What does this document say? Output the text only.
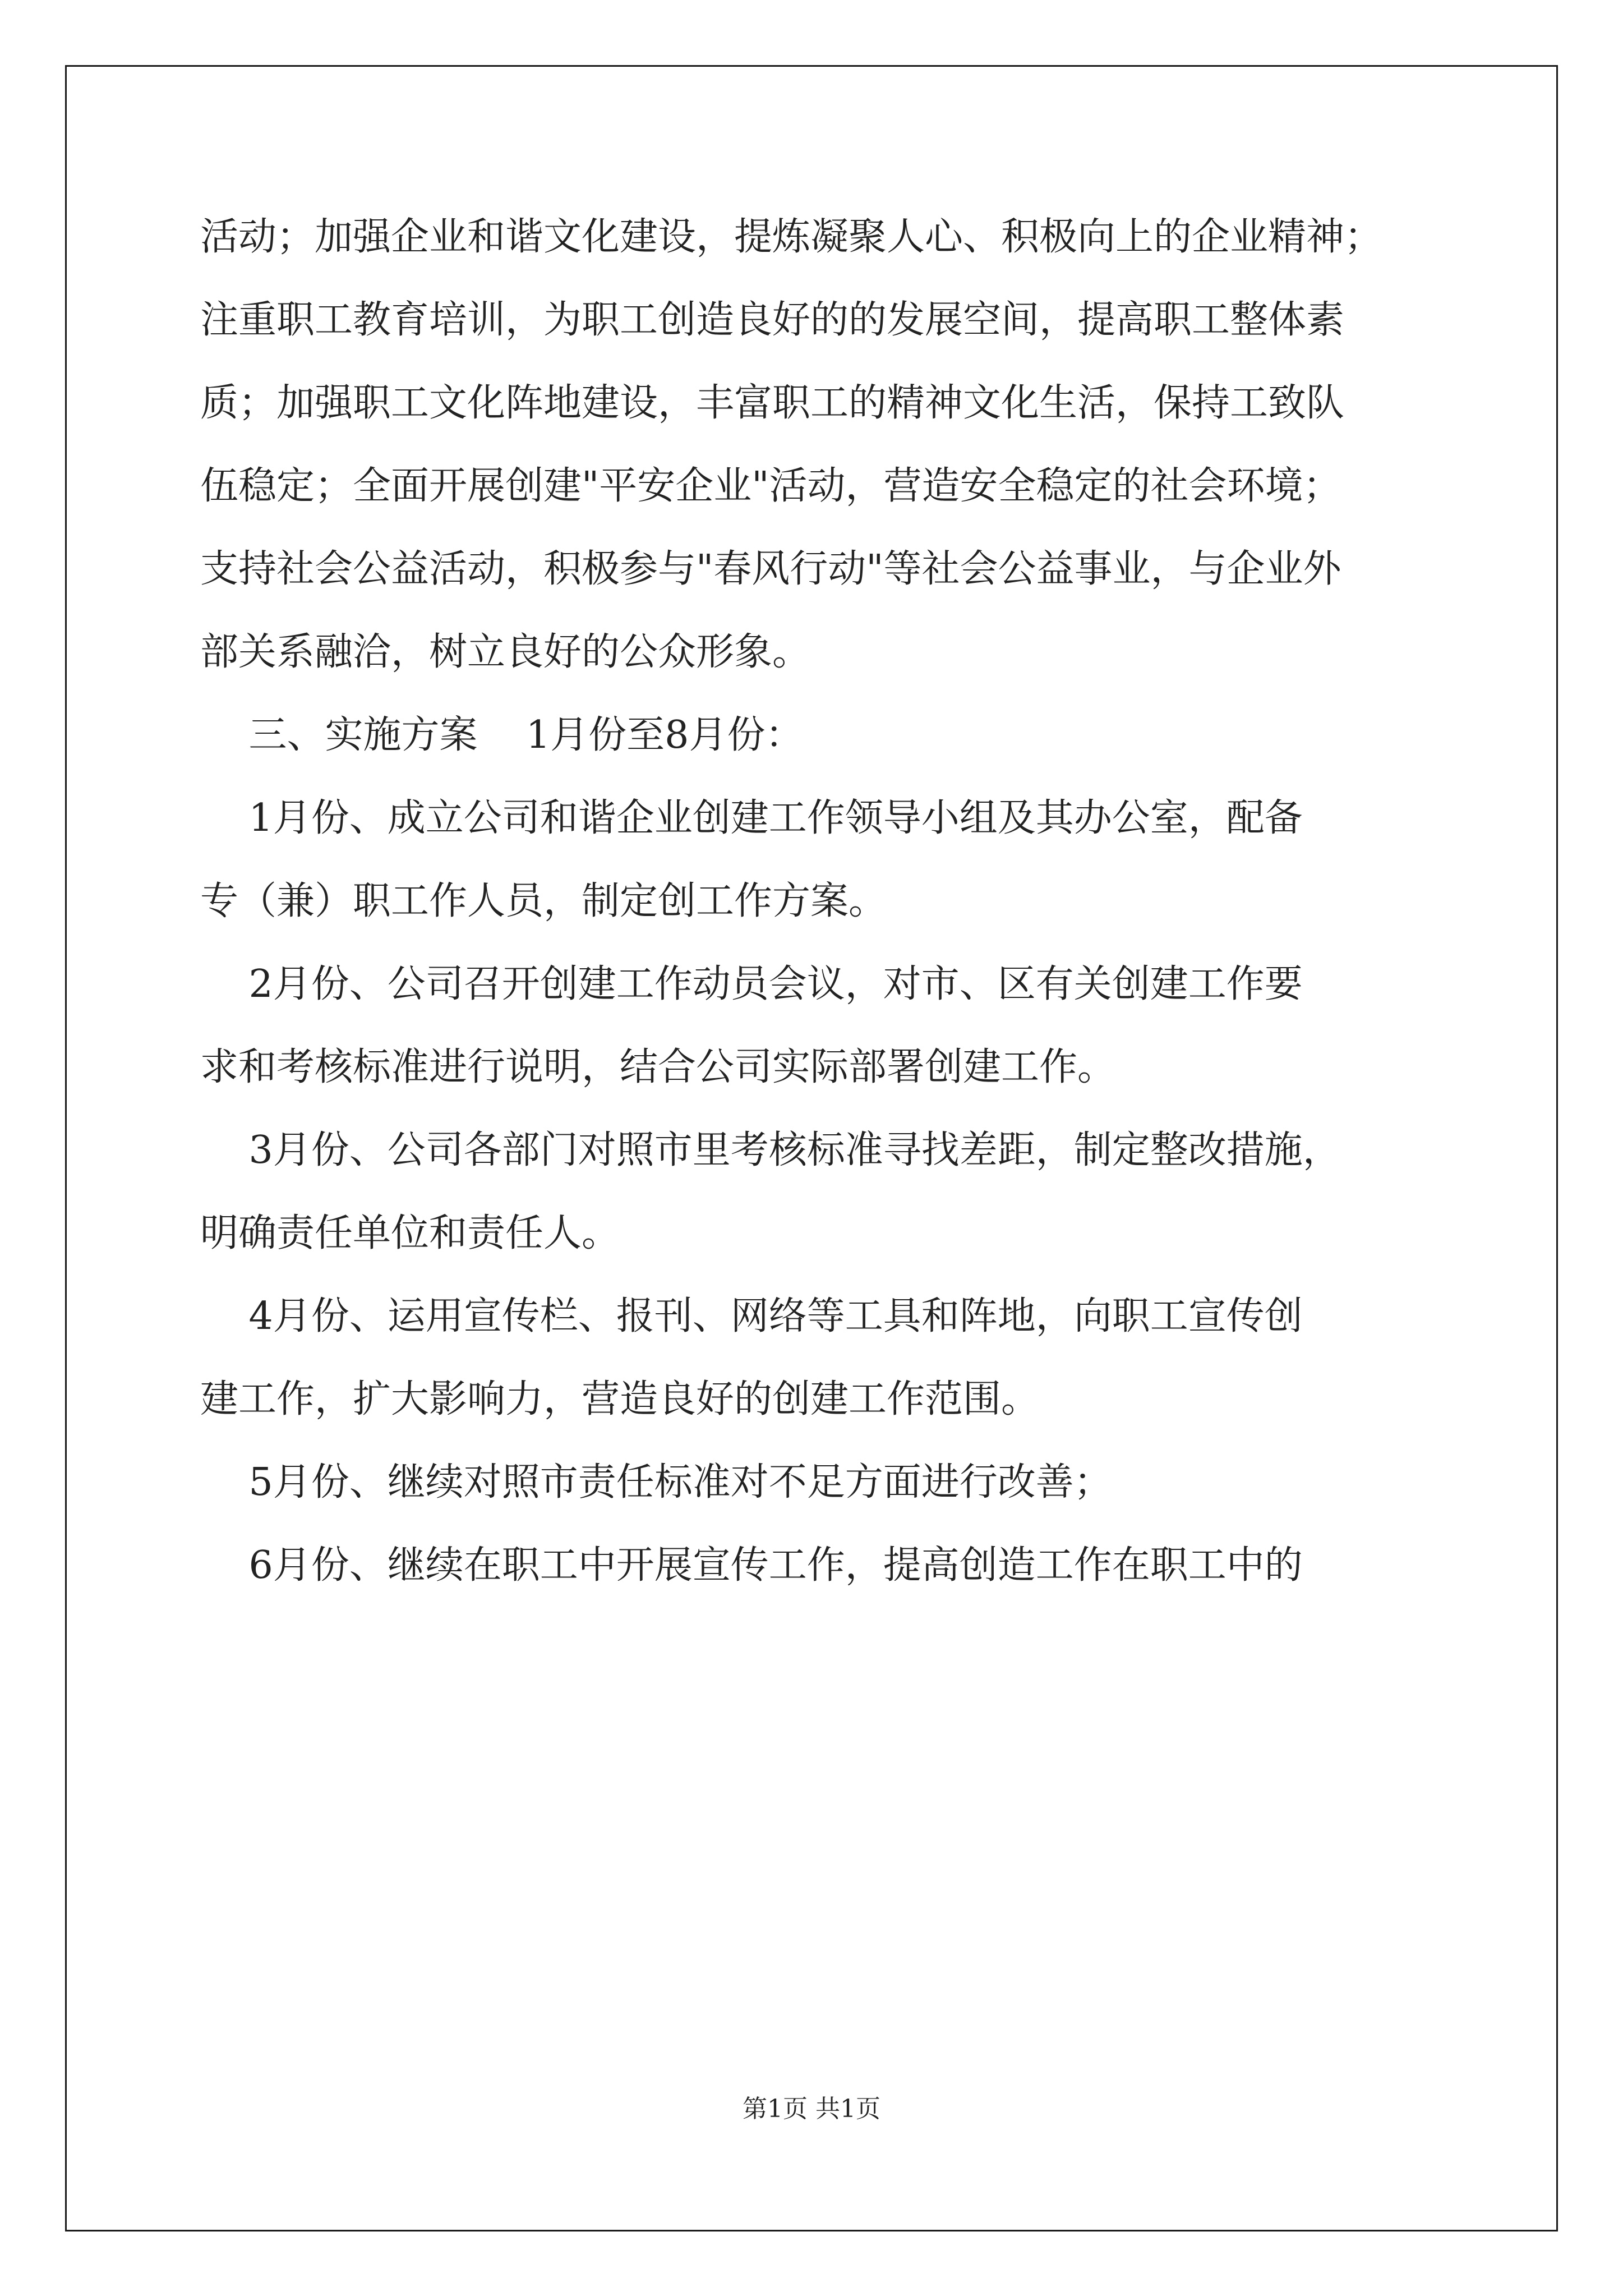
活动；加强企业和谐文化建设，提炼凝聚人心、积极向上的企业精神；
注重职工教育培训，为职工创造良好的的发展空间，提高职工整体素
质；加强职工文化阵地建设，丰富职工的精神文化生活，保持工致队
伍稳定；全面开展创建"平安企业"活动，营造安全稳定的社会环境；
支持社会公益活动，积极参与"春风行动"等社会公益事业，与企业外
部关系融洽，树立良好的公众形象。
三、实施方案    1月份至8月份：
1月份、成立公司和谐企业创建工作领导小组及其办公室，配备
专（兼）职工作人员，制定创工作方案。
2月份、公司召开创建工作动员会议，对市、区有关创建工作要
求和考核标准进行说明，结合公司实际部署创建工作。
3月份、公司各部门对照市里考核标准寻找差距，制定整改措施，
明确责任单位和责任人。
4月份、运用宣传栏、报刊、网络等工具和阵地，向职工宣传创
建工作，扩大影响力，营造良好的创建工作范围。
5月份、继续对照市责任标准对不足方面进行改善；
6月份、继续在职工中开展宣传工作，提高创造工作在职工中的
第1页 共1页
